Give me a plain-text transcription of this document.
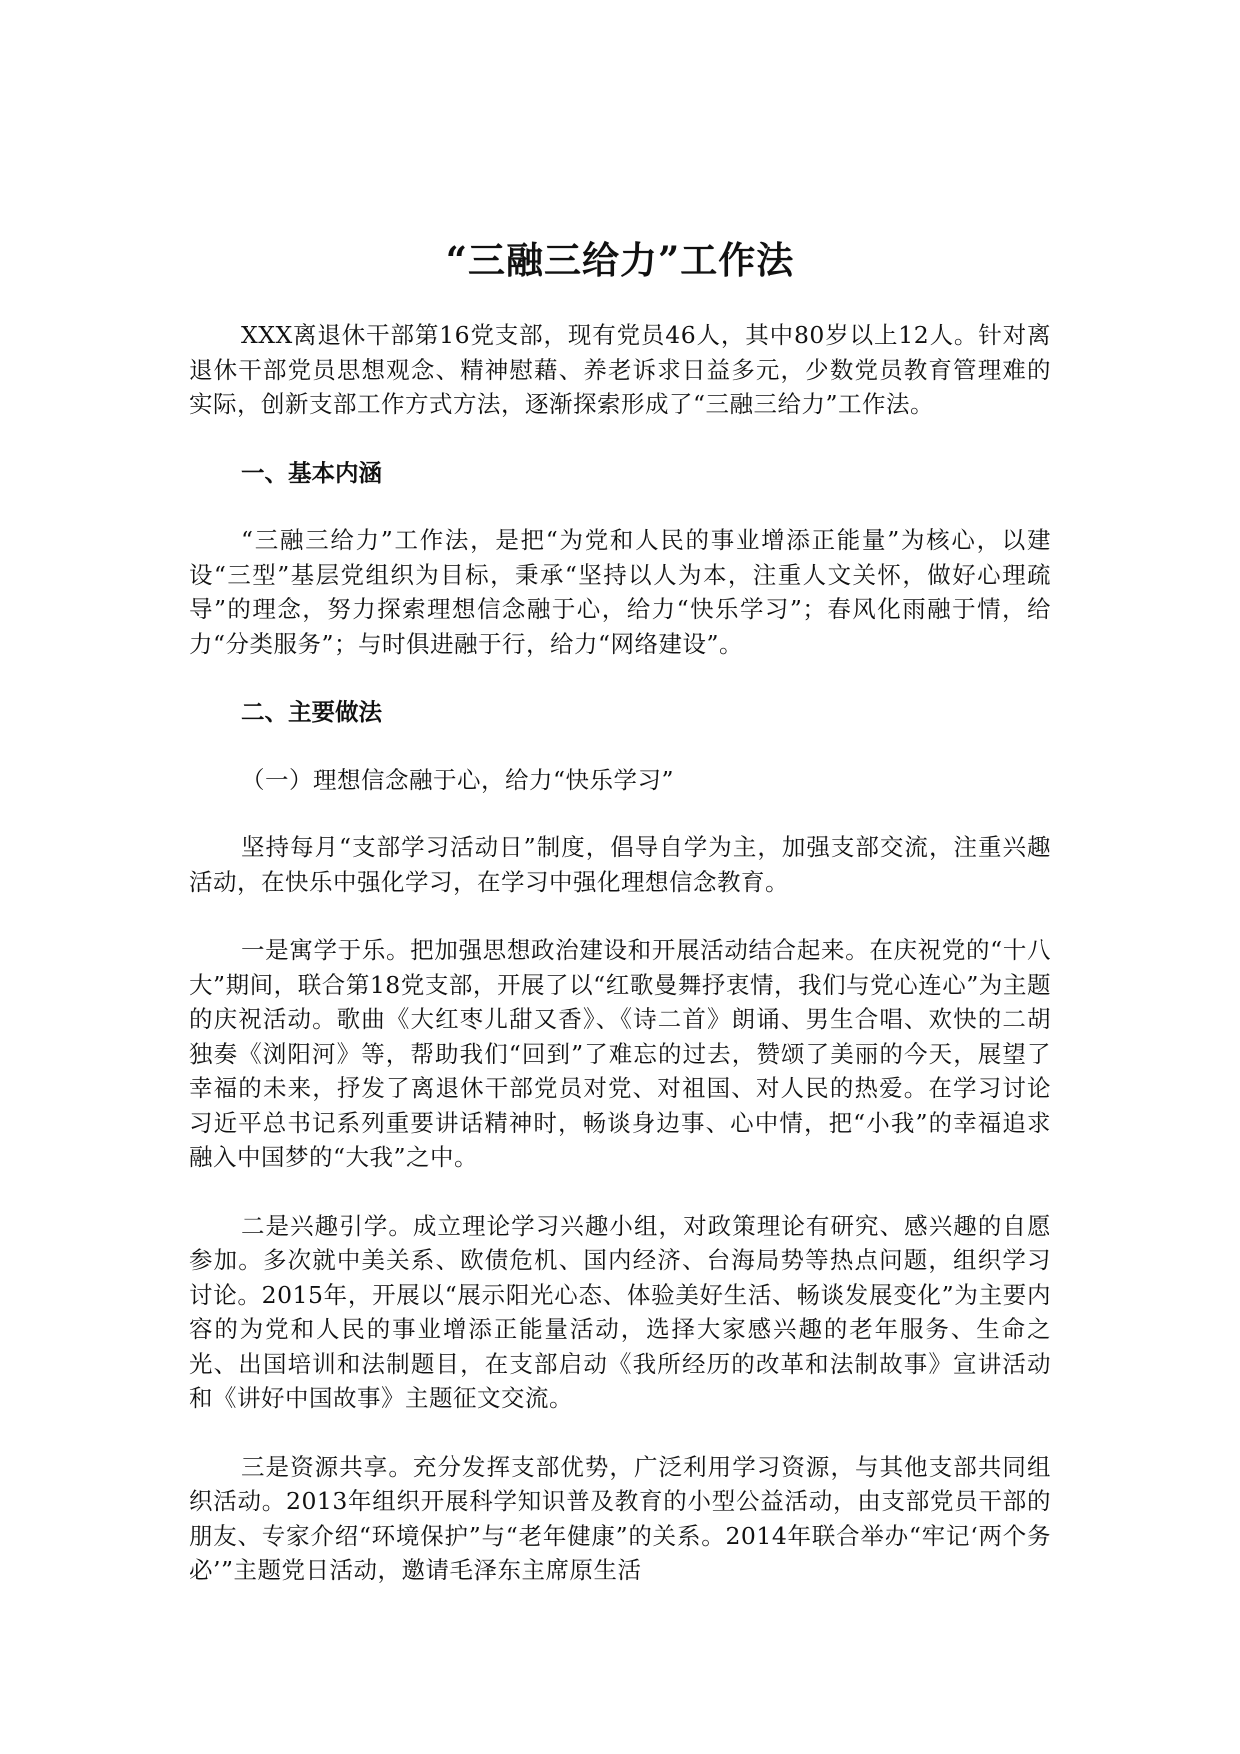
“三融三给力”工作法

XXX离退休干部第16党支部，现有党员46人，其中80岁以上12人。针对离退休干部党员思想观念、精神慰藉、养老诉求日益多元，少数党员教育管理难的实际，创新支部工作方式方法，逐渐探索形成了“三融三给力”工作法。

一、基本内涵

“三融三给力”工作法，是把“为党和人民的事业增添正能量”为核心，以建设“三型”基层党组织为目标，秉承“坚持以人为本，注重人文关怀，做好心理疏导”的理念，努力探索理想信念融于心，给力“快乐学习”；春风化雨融于情，给力“分类服务”；与时俱进融于行，给力“网络建设”。

二、主要做法

（一）理想信念融于心，给力“快乐学习”

坚持每月“支部学习活动日”制度，倡导自学为主，加强支部交流，注重兴趣活动，在快乐中强化学习，在学习中强化理想信念教育。

一是寓学于乐。把加强思想政治建设和开展活动结合起来。在庆祝党的“十八大”期间，联合第18党支部，开展了以“红歌曼舞抒衷情，我们与党心连心”为主题的庆祝活动。歌曲《大红枣儿甜又香》、《诗二首》朗诵、男生合唱、欢快的二胡独奏《浏阳河》等，帮助我们“回到”了难忘的过去，赞颂了美丽的今天，展望了幸福的未来，抒发了离退休干部党员对党、对祖国、对人民的热爱。在学习讨论习近平总书记系列重要讲话精神时，畅谈身边事、心中情，把“小我”的幸福追求融入中国梦的“大我”之中。

二是兴趣引学。成立理论学习兴趣小组，对政策理论有研究、感兴趣的自愿参加。多次就中美关系、欧债危机、国内经济、台海局势等热点问题，组织学习讨论。2015年，开展以“展示阳光心态、体验美好生活、畅谈发展变化”为主要内容的为党和人民的事业增添正能量活动，选择大家感兴趣的老年服务、生命之光、出国培训和法制题目，在支部启动《我所经历的改革和法制故事》宣讲活动和《讲好中国故事》主题征文交流。

三是资源共享。充分发挥支部优势，广泛利用学习资源，与其他支部共同组织活动。2013年组织开展科学知识普及教育的小型公益活动，由支部党员干部的朋友、专家介绍“环境保护”与“老年健康”的关系。2014年联合举办“牢记‘两个务必’”主题党日活动，邀请毛泽东主席原生活
